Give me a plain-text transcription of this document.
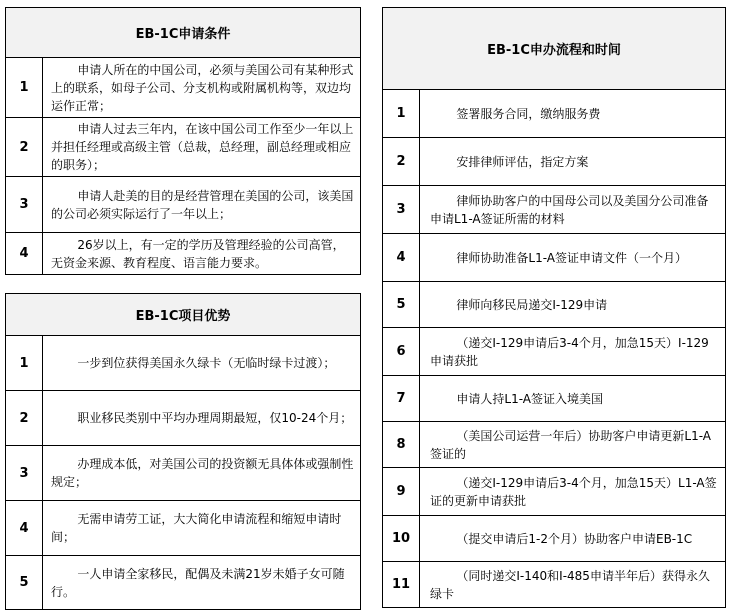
EB-1C申请条件	
1	申请人所在的中国公司，必须与美国公司有某种形式上的联系，如母子公司、分支机构或附属机构等，双边均运作正常；

2	申请人过去三年内，在该中国公司工作至少一年以上并担任经理或高级主管（总裁，总经理，副总经理或相应的职务）；

3	申请人赴美的目的是经营管理在美国的公司，该美国的公司必须实际运行了一年以上；

4	26岁以上，有一定的学历及管理经验的公司高管，无资金来源、教育程度、语言能力要求。
EB-1C项目优势	
1	一步到位获得美国永久绿卡（无临时绿卡过渡）；

2	职业移民类别中平均办理周期最短，仅10-24个月；

3	办理成本低，对美国公司的投资额无具体体或强制性规定；

4	无需申请劳工证，大大简化申请流程和缩短申请时间；

5	一人申请全家移民，配偶及未满21岁未婚子女可随行。
EB-1C申办流程和时间	
1	签署服务合同，缴纳服务费

2	安排律师评估，指定方案

3	律师协助客户的中国母公司以及美国分公司准备申请L1-A签证所需的材料

4	律师协助准备L1-A签证申请文件（一个月）

5	律师向移民局递交I-129申请

6	（递交I-129申请后3-4个月，加急15天）I-129申请获批

7	申请人持L1-A签证入境美国

8	（美国公司运营一年后）协助客户申请更新L1-A签证的

9	（递交I-129申请后3-4个月，加急15天）L1-A签证的更新申请获批

10	（提交申请后1-2个月）协助客户申请EB-1C

11	（同时递交I-140和I-485申请半年后）获得永久绿卡
